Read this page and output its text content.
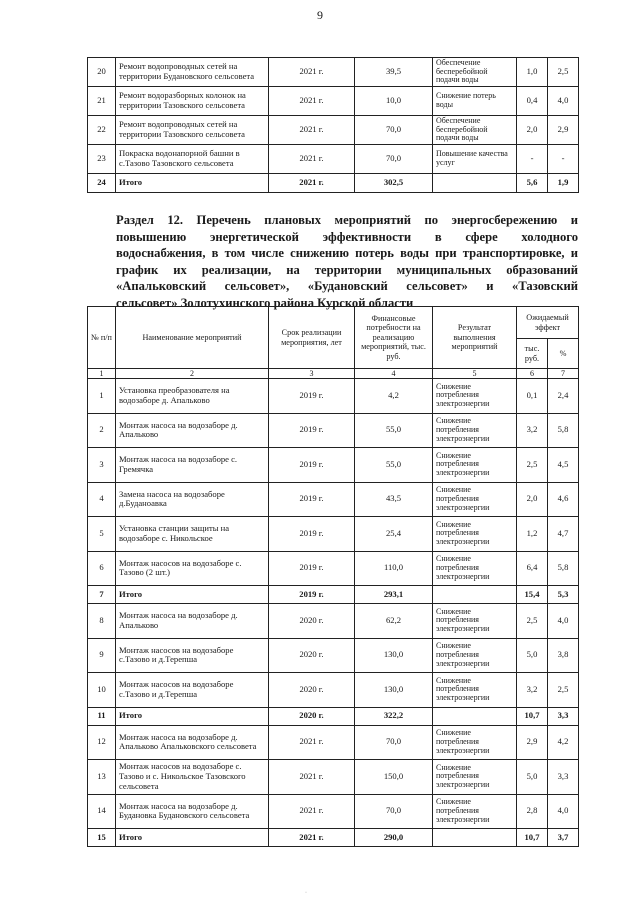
9
20	Ремонт водопроводных сетей на территории Будановского сельсовета	2021 г.	39,5	Обеспечение бесперебойной подачи воды	1,0	2,5
21	Ремонт водоразборных колонок на территории Тазовского сельсовета	2021 г.	10,0	Снижение потерь воды	0,4	4,0
22	Ремонт водопроводных сетей на территории Тазовского сельсовета	2021 г.	70,0	Обеспечение бесперебойной подачи воды	2,0	2,9
23	Покраска водонапорной башни в с.Тазово Тазовского сельсовета	2021 г.	70,0	Повышение качества услуг	-	-
24	Итого	2021 г.	302,5		5,6	1,9
Раздел 12. Перечень плановых мероприятий по энергосбережению и
повышению энергетической эффективности в сфере холодного
водоснабжения, в том числе снижению потерь воды при транспортировке, и
график их реализации, на территории муниципальных образований
«Апальковский сельсовет», «Будановский сельсовет» и «Тазовский
сельсовет» Золотухинского района Курской области
№ п/п	Наименование мероприятий	Срок реализации мероприятия, лет	Финансовые потребности на реализацию мероприятий, тыс. руб.	Результат выполнения мероприятий	Ожидаемый эффект	
					тыс. руб.	%
1	2	3	4	5	6	7
1	Установка преобразователя на водозаборе д. Апальково	2019 г.	4,2	Снижение потребления электроэнергии	0,1	2,4
2	Монтаж насоса на водозаборе д. Апальково	2019 г.	55,0	Снижение потребления электроэнергии	3,2	5,8
3	Монтаж насоса на водозаборе с. Гремячка	2019 г.	55,0	Снижение потребления электроэнергии	2,5	4,5
4	Замена насоса на водозаборе д.Буданоавка	2019 г.	43,5	Снижение потребления электроэнергии	2,0	4,6
5	Установка станции защиты на водозаборе с. Никольское	2019 г.	25,4	Снижение потребления электроэнергии	1,2	4,7
6	Монтаж насосов на водозаборе с. Тазово (2 шт.)	2019 г.	110,0	Снижение потребления электроэнергии	6,4	5,8
7	Итого	2019 г.	293,1		15,4	5,3
8	Монтаж насоса на водозаборе д. Апальково	2020 г.	62,2	Снижение потребления электроэнергии	2,5	4,0
9	Монтаж насосов на водозаборе с.Тазово и д.Терепша	2020 г.	130,0	Снижение потребления электроэнергии	5,0	3,8
10	Монтаж насосов на водозаборе с.Тазово и д.Терепша	2020 г.	130,0	Снижение потребления электроэнергии	3,2	2,5
11	Итого	2020 г.	322,2		10,7	3,3
12	Монтаж насоса на водозаборе д. Апальково Апальковского сельсовета	2021 г.	70,0	Снижение потребления электроэнергии	2,9	4,2
13	Монтаж насосов на водозаборе с. Тазово и с. Никольское Тазовского сельсовета	2021 г.	150,0	Снижение потребления электроэнергии	5,0	3,3
14	Монтаж насоса на водозаборе д. Будановка Будановского сельсовета	2021 г.	70,0	Снижение потребления электроэнергии	2,8	4,0
15	Итого	2021 г.	290,0		10,7	3,7
·
